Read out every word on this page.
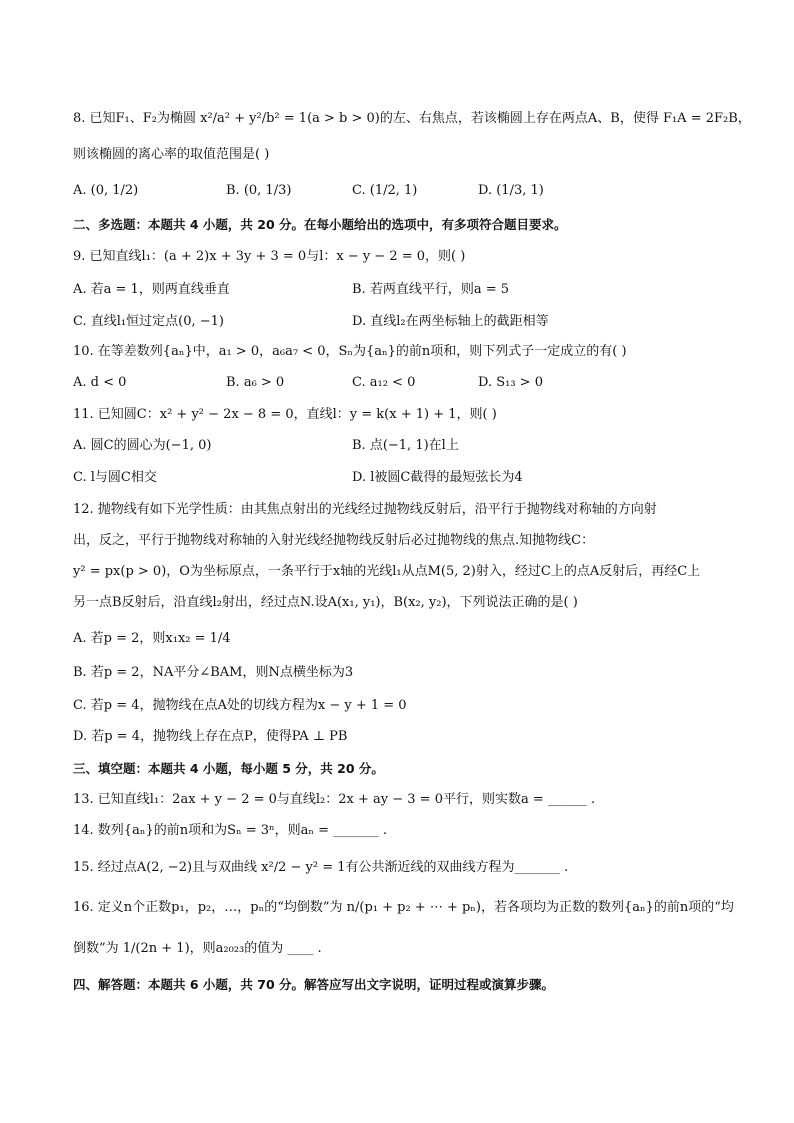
8. 已知F₁、F₂为椭圆 x²/a² + y²/b² = 1(a > b > 0)的左、右焦点，若该椭圆上存在两点A、B，使得 F₁A = 2F₂B，
则该椭圆的离心率的取值范围是( )
A. (0, 1/2)	B. (0, 1/3)	C. (1/2, 1)	D. (1/3, 1)
二、多选题：本题共 4 小题，共 20 分。在每小题给出的选项中，有多项符合题目要求。
9. 已知直线l₁：(a + 2)x + 3y + 3 = 0与l：x − y − 2 = 0，则( )
A. 若a = 1，则两直线垂直	B. 若两直线平行，则a = 5
C. 直线l₁恒过定点(0, −1)	D. 直线l₂在两坐标轴上的截距相等
10. 在等差数列{aₙ}中，a₁ > 0，a₆a₇ < 0，Sₙ为{aₙ}的前n项和，则下列式子一定成立的有( )
A. d < 0	B. a₆ > 0	C. a₁₂ < 0	D. S₁₃ > 0
11. 已知圆C：x² + y² − 2x − 8 = 0，直线l：y = k(x + 1) + 1，则( )
A. 圆C的圆心为(−1, 0)	B. 点(−1, 1)在l上
C. l与圆C相交	D. l被圆C截得的最短弦长为4
12. 抛物线有如下光学性质：由其焦点射出的光线经过抛物线反射后，沿平行于抛物线对称轴的方向射
出，反之，平行于抛物线对称轴的入射光线经抛物线反射后必过抛物线的焦点.知抛物线C：
y² = px(p > 0)，O为坐标原点，一条平行于x轴的光线l₁从点M(5, 2)射入，经过C上的点A反射后，再经C上
另一点B反射后，沿直线l₂射出，经过点N.设A(x₁, y₁)，B(x₂, y₂)，下列说法正确的是( )
A. 若p = 2，则x₁x₂ = 1/4
B. 若p = 2，NA平分∠BAM，则N点横坐标为3
C. 若p = 4，抛物线在点A处的切线方程为x − y + 1 = 0
D. 若p = 4，抛物线上存在点P，使得PA ⊥ PB
三、填空题：本题共 4 小题，每小题 5 分，共 20 分。
13. 已知直线l₁：2ax + y − 2 = 0与直线l₂：2x + ay − 3 = 0平行，则实数a = ______ .
14. 数列{aₙ}的前n项和为Sₙ = 3ⁿ，则aₙ = _______ .
15. 经过点A(2, −2)且与双曲线 x²/2 − y² = 1有公共渐近线的双曲线方程为_______ .
16. 定义n个正数p₁，p₂，…，pₙ的“均倒数”为 n/(p₁ + p₂ + ⋯ + pₙ)，若各项均为正数的数列{aₙ}的前n项的“均
倒数”为 1/(2n + 1)，则a₂₀₂₃的值为 ____ .
四、解答题：本题共 6 小题，共 70 分。解答应写出文字说明，证明过程或演算步骤。
